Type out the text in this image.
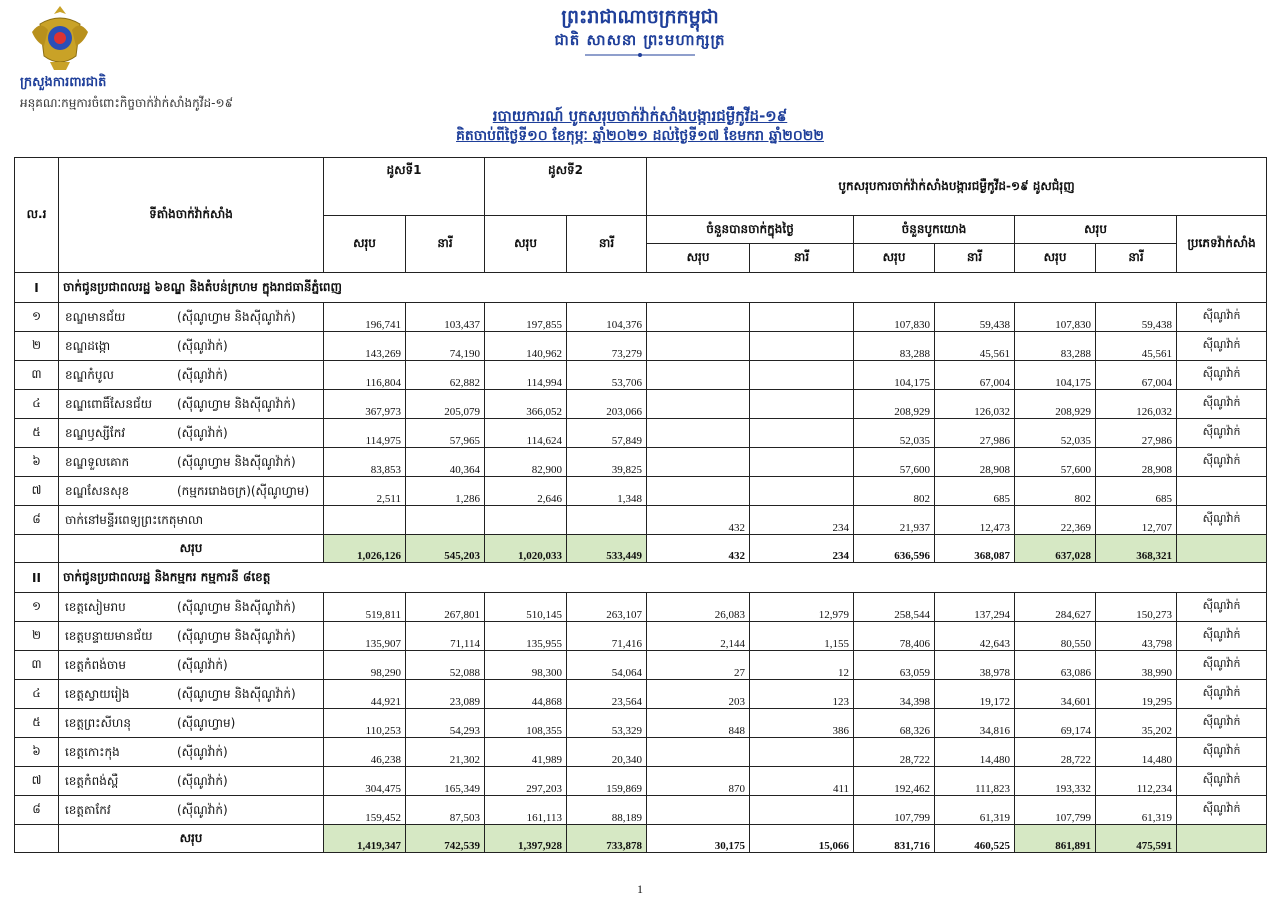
ក្រសួងការពារជាតិ
អនុគណៈកម្មការចំពោះកិច្ចចាក់វ៉ាក់សាំងកូវីដ-១៩
ព្រះរាជាណាចក្រកម្ពុជា
ជាតិ សាសនា ព្រះមហាក្សត្រ
របាយការណ៍ បូកសរុបចាក់វ៉ាក់សាំងបង្ការជម្ងឺកូវីដ-១៩
គិតចាប់ពីថ្ងៃទី១០ ខែកុម្ភៈ ឆ្នាំ២០២១ ដល់ថ្ងៃទី១៧ ខែមករា ឆ្នាំ២០២២
ល.រ	ទីតាំងចាក់វ៉ាក់សាំង	ដូសទី1		ដូសទី2		បូកសរុបការចាក់វ៉ាក់សាំងបង្ការជម្ងឺកូវីដ-១៩ ដូសជំរុញ						
		សរុប	នារី	សរុប	នារី	ចំនួនបានចាក់ក្នុងថ្ងៃ		ចំនួនបូកយោង		សរុប		ប្រភេទវ៉ាក់សាំង
						សរុប	នារី	សរុប	នារី	សរុប	នារី	
I	ចាក់ជូនប្រជាពលរដ្ឋ ៦ខណ្ឌ និងតំបន់ក្រហម ក្នុងរាជធានីភ្នំពេញ											
១	ខណ្ឌមានជ័យ (ស៊ីណូហ្វាម និងស៊ីណូវ៉ាក់)	196,741	103,437	197,855	104,376			107,830	59,438	107,830	59,438	ស៊ីណូវ៉ាក់
២	ខណ្ឌដង្កោ (ស៊ីណូវ៉ាក់)	143,269	74,190	140,962	73,279			83,288	45,561	83,288	45,561	ស៊ីណូវ៉ាក់
៣	ខណ្ឌកំបូល (ស៊ីណូវ៉ាក់)	116,804	62,882	114,994	53,706			104,175	67,004	104,175	67,004	ស៊ីណូវ៉ាក់
៤	ខណ្ឌពោធិ៍សែនជ័យ (ស៊ីណូហ្វាម និងស៊ីណូវ៉ាក់)	367,973	205,079	366,052	203,066			208,929	126,032	208,929	126,032	ស៊ីណូវ៉ាក់
៥	ខណ្ឌឫស្សីកែវ (ស៊ីណូវ៉ាក់)	114,975	57,965	114,624	57,849			52,035	27,986	52,035	27,986	ស៊ីណូវ៉ាក់
៦	ខណ្ឌទួលគោក (ស៊ីណូហ្វាម និងស៊ីណូវ៉ាក់)	83,853	40,364	82,900	39,825			57,600	28,908	57,600	28,908	ស៊ីណូវ៉ាក់
៧	ខណ្ឌសែនសុខ (កម្មកររោងចក្រ)(ស៊ីណូហ្វាម)	2,511	1,286	2,646	1,348			802	685	802	685	
៨	ចាក់នៅមន្ទីរពេទ្យព្រះកេតុមាលា					432	234	21,937	12,473	22,369	12,707	ស៊ីណូវ៉ាក់
	សរុប	1,026,126	545,203	1,020,033	533,449	432	234	636,596	368,087	637,028	368,321	
II	ចាក់ជូនប្រជាពលរដ្ឋ និងកម្មករ កម្មការនី ៨ខេត្ត											
១	ខេត្តសៀមរាប (ស៊ីណូហ្វាម និងស៊ីណូវ៉ាក់)	519,811	267,801	510,145	263,107	26,083	12,979	258,544	137,294	284,627	150,273	ស៊ីណូវ៉ាក់
២	ខេត្តបន្ទាយមានជ័យ (ស៊ីណូហ្វាម និងស៊ីណូវ៉ាក់)	135,907	71,114	135,955	71,416	2,144	1,155	78,406	42,643	80,550	43,798	ស៊ីណូវ៉ាក់
៣	ខេត្តកំពង់ចាម (ស៊ីណូវ៉ាក់)	98,290	52,088	98,300	54,064	27	12	63,059	38,978	63,086	38,990	ស៊ីណូវ៉ាក់
៤	ខេត្តស្វាយរៀង (ស៊ីណូហ្វាម និងស៊ីណូវ៉ាក់)	44,921	23,089	44,868	23,564	203	123	34,398	19,172	34,601	19,295	ស៊ីណូវ៉ាក់
៥	ខេត្តព្រះសីហនុ (ស៊ីណូហ្វាម)	110,253	54,293	108,355	53,329	848	386	68,326	34,816	69,174	35,202	ស៊ីណូវ៉ាក់
៦	ខេត្តកោះកុង (ស៊ីណូវ៉ាក់)	46,238	21,302	41,989	20,340			28,722	14,480	28,722	14,480	ស៊ីណូវ៉ាក់
៧	ខេត្តកំពង់ស្ពឺ (ស៊ីណូវ៉ាក់)	304,475	165,349	297,203	159,869	870	411	192,462	111,823	193,332	112,234	ស៊ីណូវ៉ាក់
៨	ខេត្តតាកែវ (ស៊ីណូវ៉ាក់)	159,452	87,503	161,113	88,189			107,799	61,319	107,799	61,319	ស៊ីណូវ៉ាក់
	សរុប	1,419,347	742,539	1,397,928	733,878	30,175	15,066	831,716	460,525	861,891	475,591	
1
